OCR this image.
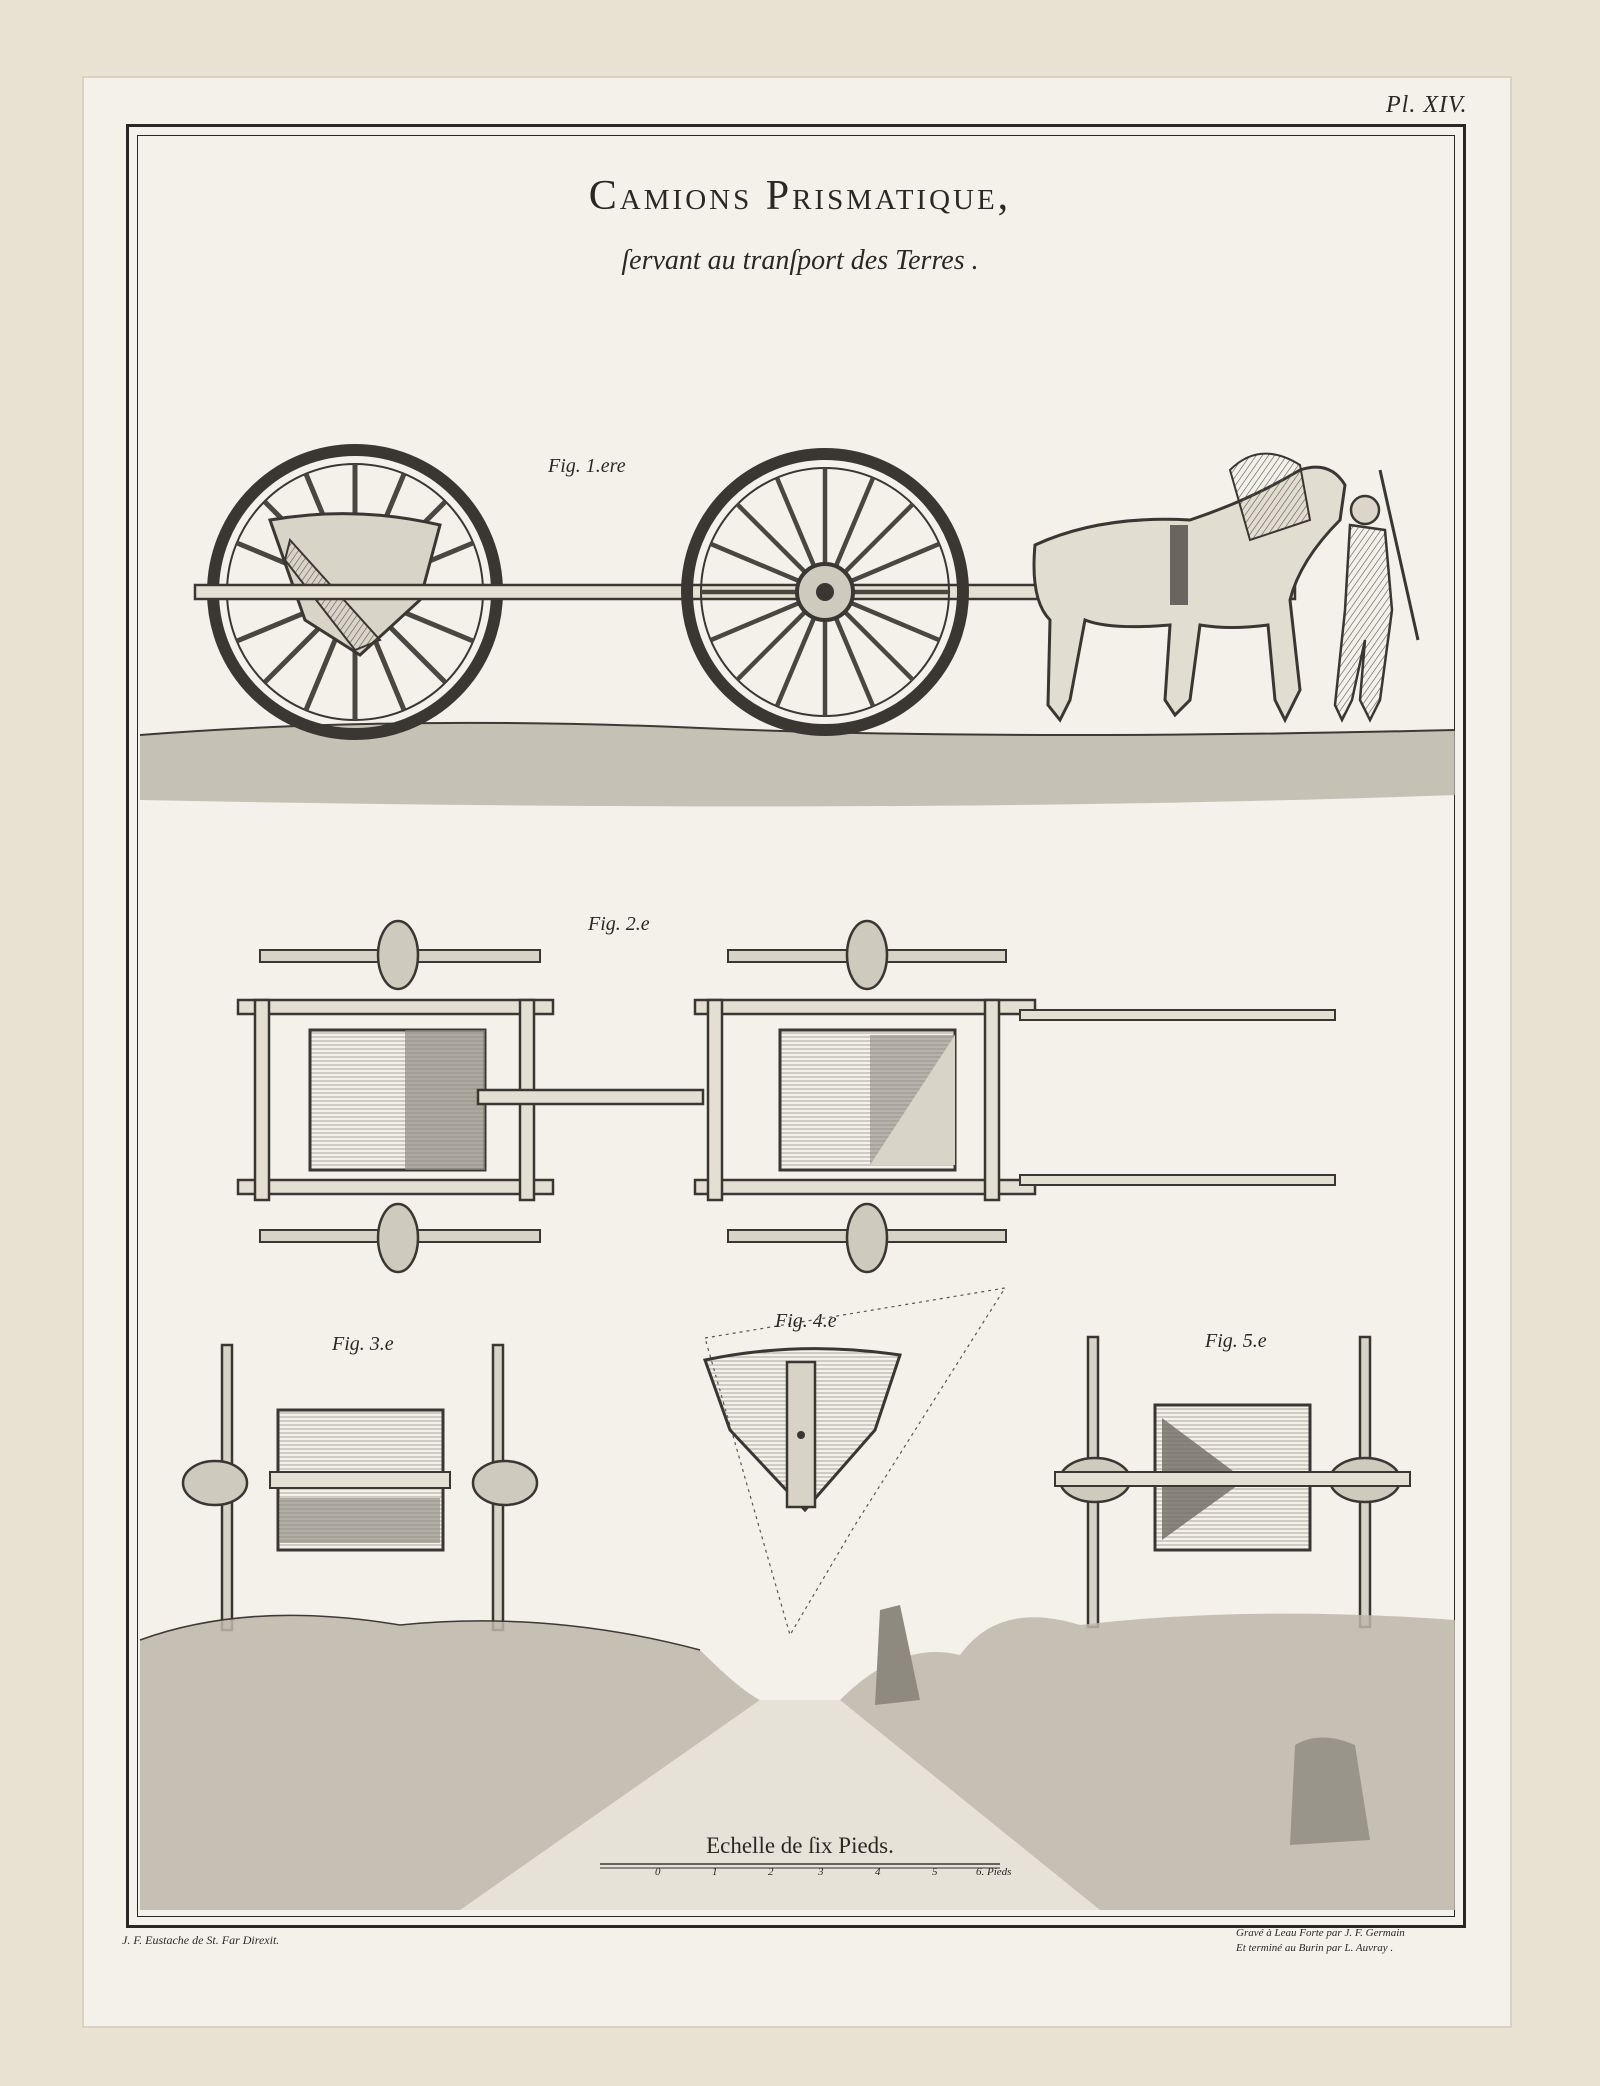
Pl. XIV.
Camions Prismatique,
ſervant au tranſport des Terres .
Fig. 1.ere
Fig. 2.e
Fig. 3.e
Fig. 4.e
Fig. 5.e
Echelle de ſix Pieds.
0	1	2	3	4	5	6. Pieds
J. F. Eustache de St. Far Direxit.	Gravé à Leau Forte par J. F. Germain
Et terminé au Burin par L. Auvray .
